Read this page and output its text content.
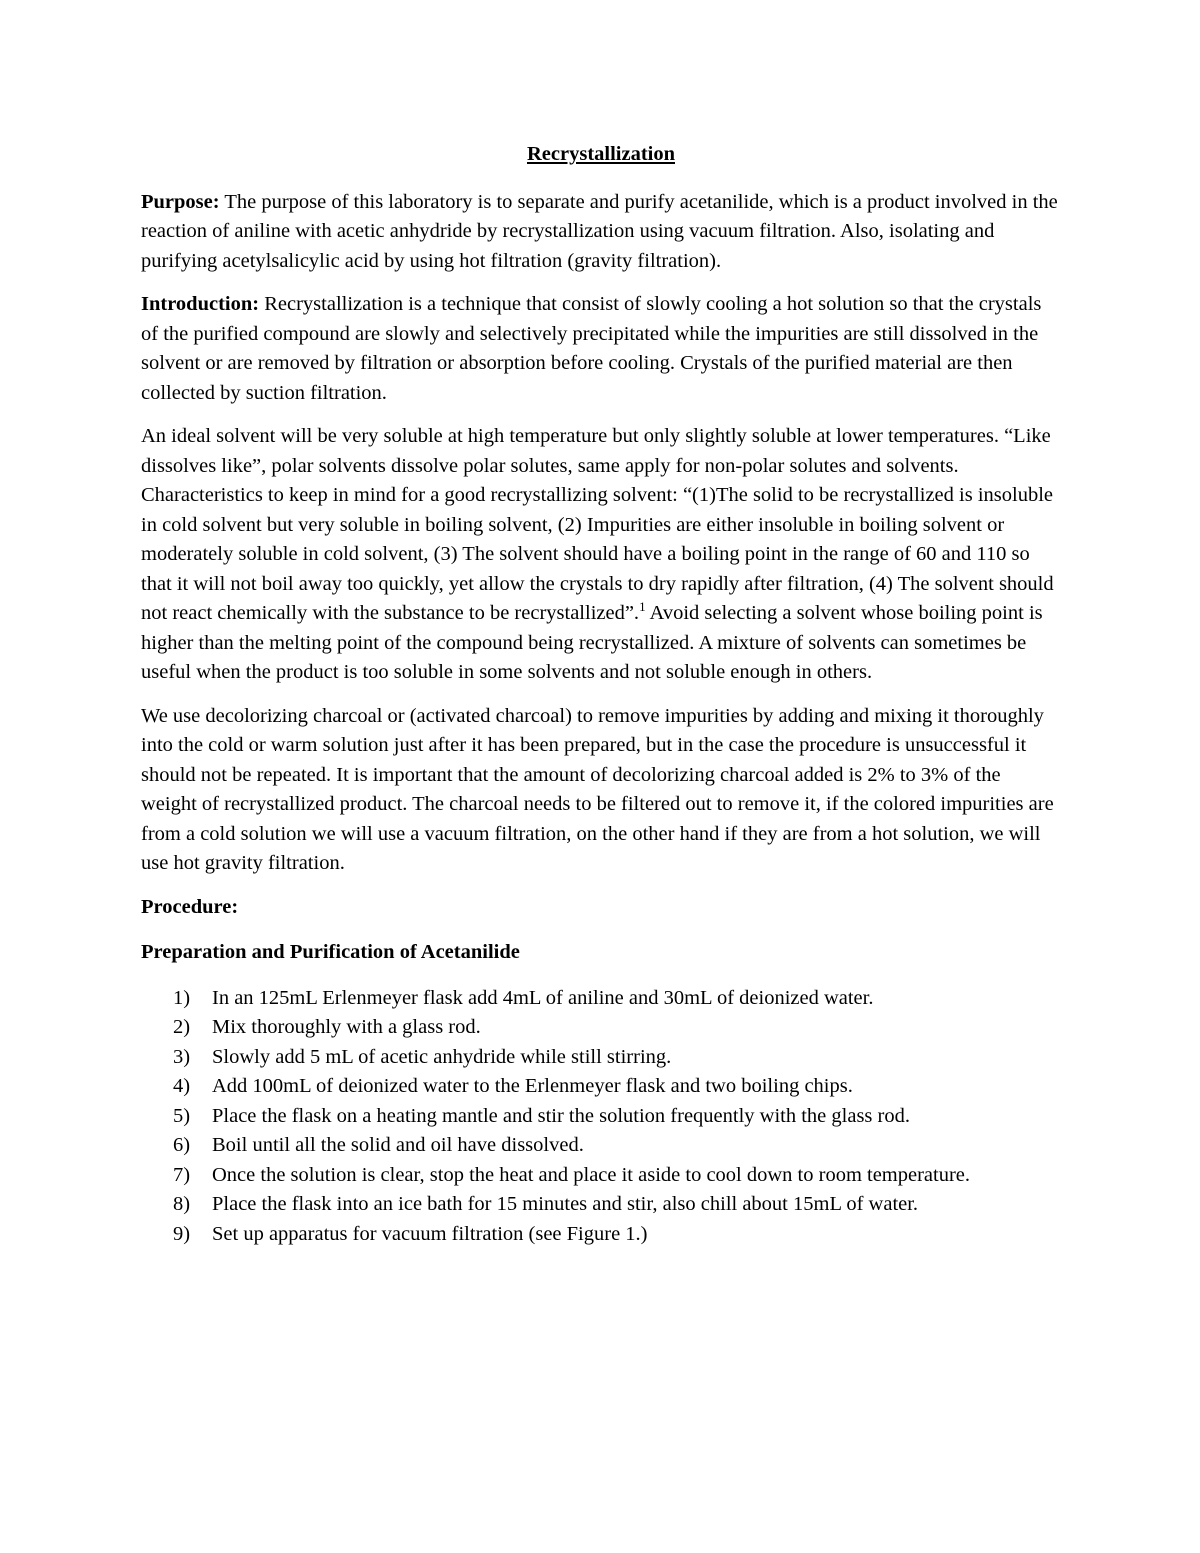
Recrystallization

Purpose: The purpose of this laboratory is to separate and purify acetanilide, which is a product involved in the reaction of aniline with acetic anhydride by recrystallization using vacuum filtration. Also, isolating and purifying acetylsalicylic acid by using hot filtration (gravity filtration).

Introduction: Recrystallization is a technique that consist of slowly cooling a hot solution so that the crystals of the purified compound are slowly and selectively precipitated while the impurities are still dissolved in the solvent or are removed by filtration or absorption before cooling. Crystals of the purified material are then collected by suction filtration.

An ideal solvent will be very soluble at high temperature but only slightly soluble at lower temperatures. “Like dissolves like”, polar solvents dissolve polar solutes, same apply for non-polar solutes and solvents. Characteristics to keep in mind for a good recrystallizing solvent: “(1)The solid to be recrystallized is insoluble in cold solvent but very soluble in boiling solvent, (2) Impurities are either insoluble in boiling solvent or moderately soluble in cold solvent, (3) The solvent should have a boiling point in the range of 60 and 110 so that it will not boil away too quickly, yet allow the crystals to dry rapidly after filtration, (4) The solvent should not react chemically with the substance to be recrystallized”.$^1$ Avoid selecting a solvent whose boiling point is higher than the melting point of the compound being recrystallized. A mixture of solvents can sometimes be useful when the product is too soluble in some solvents and not soluble enough in others.

We use decolorizing charcoal or (activated charcoal) to remove impurities by adding and mixing it thoroughly into the cold or warm solution just after it has been prepared, but in the case the procedure is unsuccessful it should not be repeated. It is important that the amount of decolorizing charcoal added is 2% to 3% of the weight of recrystallized product. The charcoal needs to be filtered out to remove it, if the colored impurities are from a cold solution we will use a vacuum filtration, on the other hand if they are from a hot solution, we will use hot gravity filtration.

Procedure:
Preparation and Purification of Acetanilide
1) In an 125mL Erlenmeyer flask add 4mL of aniline and 30mL of deionized water.
2) Mix thoroughly with a glass rod.
3) Slowly add 5 mL of acetic anhydride while still stirring.
4) Add 100mL of deionized water to the Erlenmeyer flask and two boiling chips.
5) Place the flask on a heating mantle and stir the solution frequently with the glass rod.
6) Boil until all the solid and oil have dissolved.
7) Once the solution is clear, stop the heat and place it aside to cool down to room temperature.
8) Place the flask into an ice bath for 15 minutes and stir, also chill about 15mL of water.
9) Set up apparatus for vacuum filtration (see Figure 1.)
